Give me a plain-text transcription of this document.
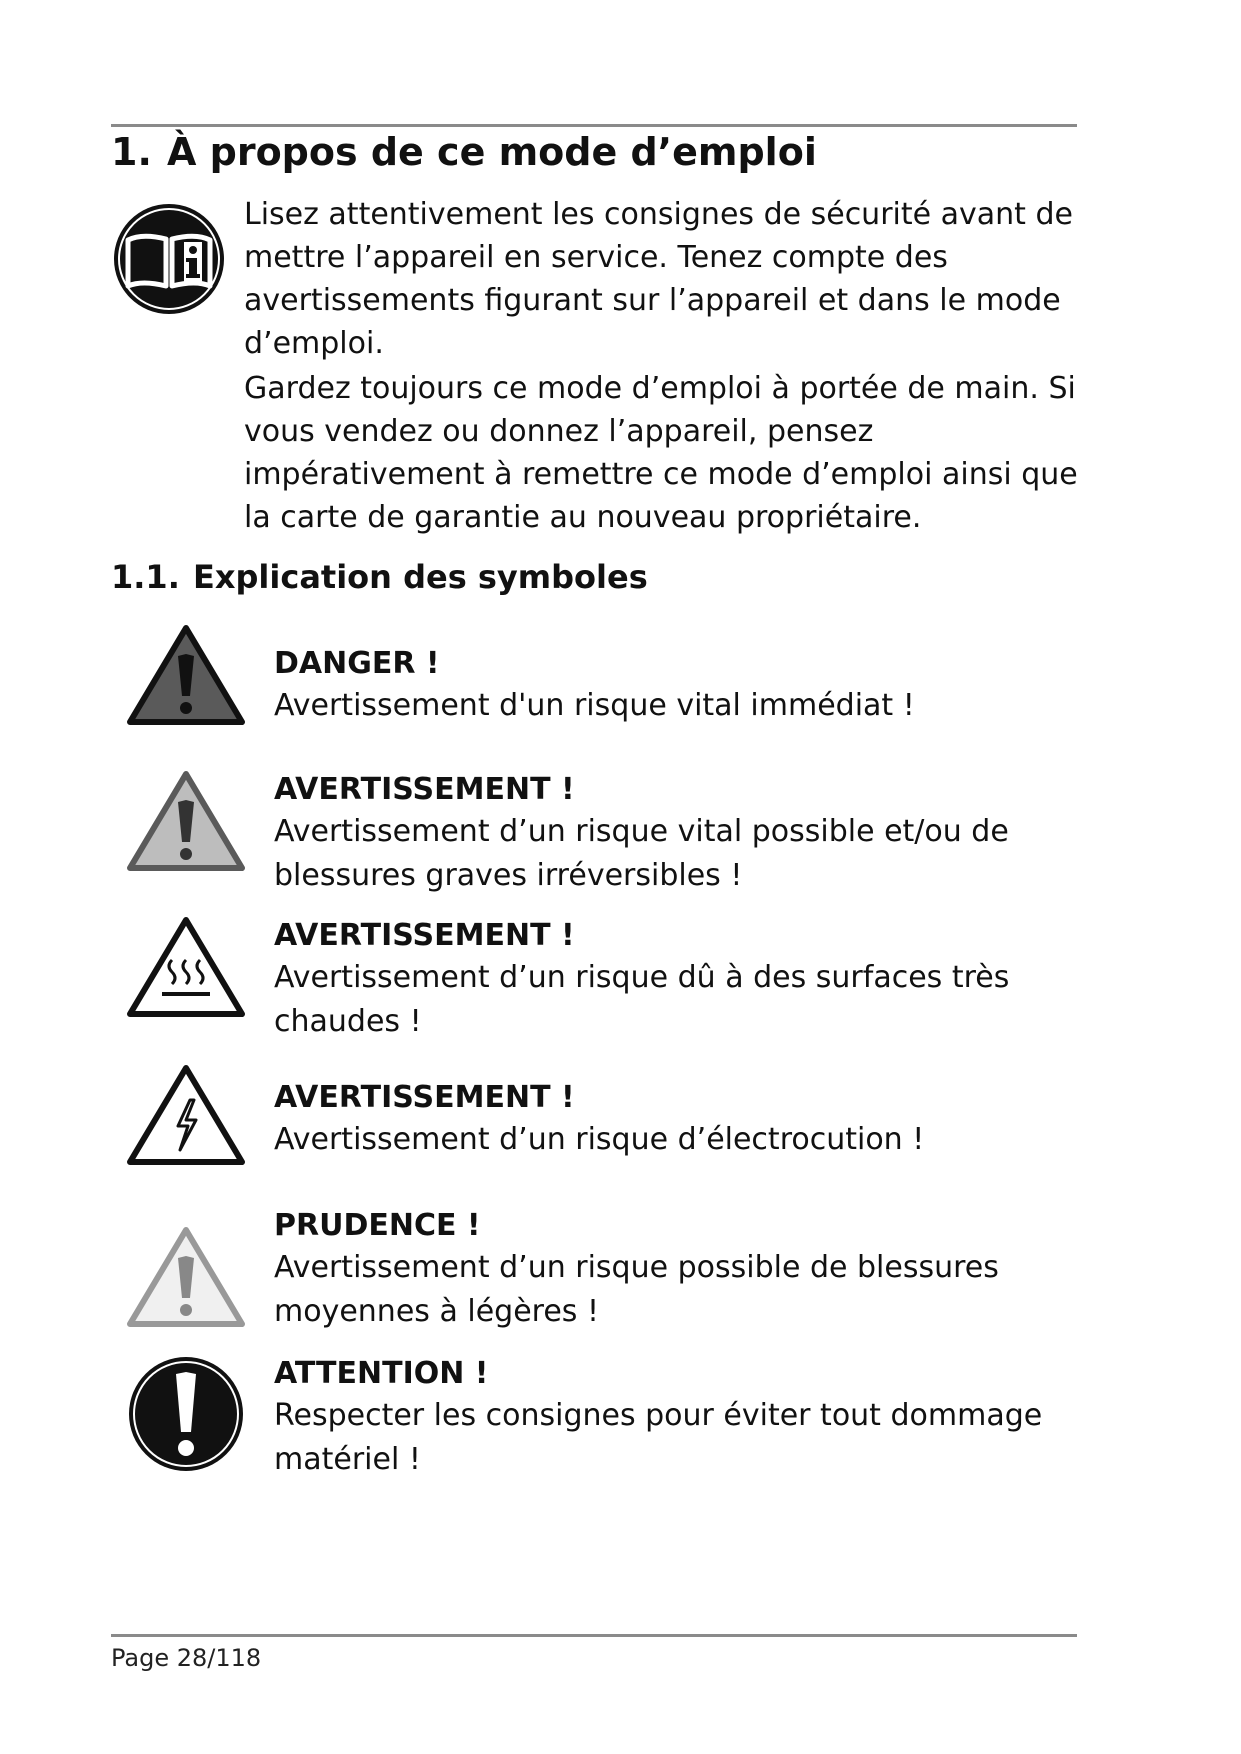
1. À propos de ce mode d’emploi

Lisez attentivement les consignes de sécurité avant de mettre l’appareil en service. Tenez compte des avertissements figurant sur l’appareil et dans le mode d’emploi.

Gardez toujours ce mode d’emploi à portée de main. Si vous vendez ou donnez l’appareil, pensez impérativement à remettre ce mode d’emploi ainsi que la carte de garantie au nouveau propriétaire.

1.1. Explication des symboles
DANGER !
Avertissement d'un risque vital immédiat !
AVERTISSEMENT !
Avertissement d’un risque vital possible et/ou de blessures graves irréversibles !
AVERTISSEMENT !
Avertissement d’un risque dû à des surfaces très chaudes !
AVERTISSEMENT !
Avertissement d’un risque d’électrocution !
PRUDENCE !
Avertissement d’un risque possible de blessures moyennes à légères !
ATTENTION !
Respecter les consignes pour éviter tout dommage matériel !
Page 28/118
